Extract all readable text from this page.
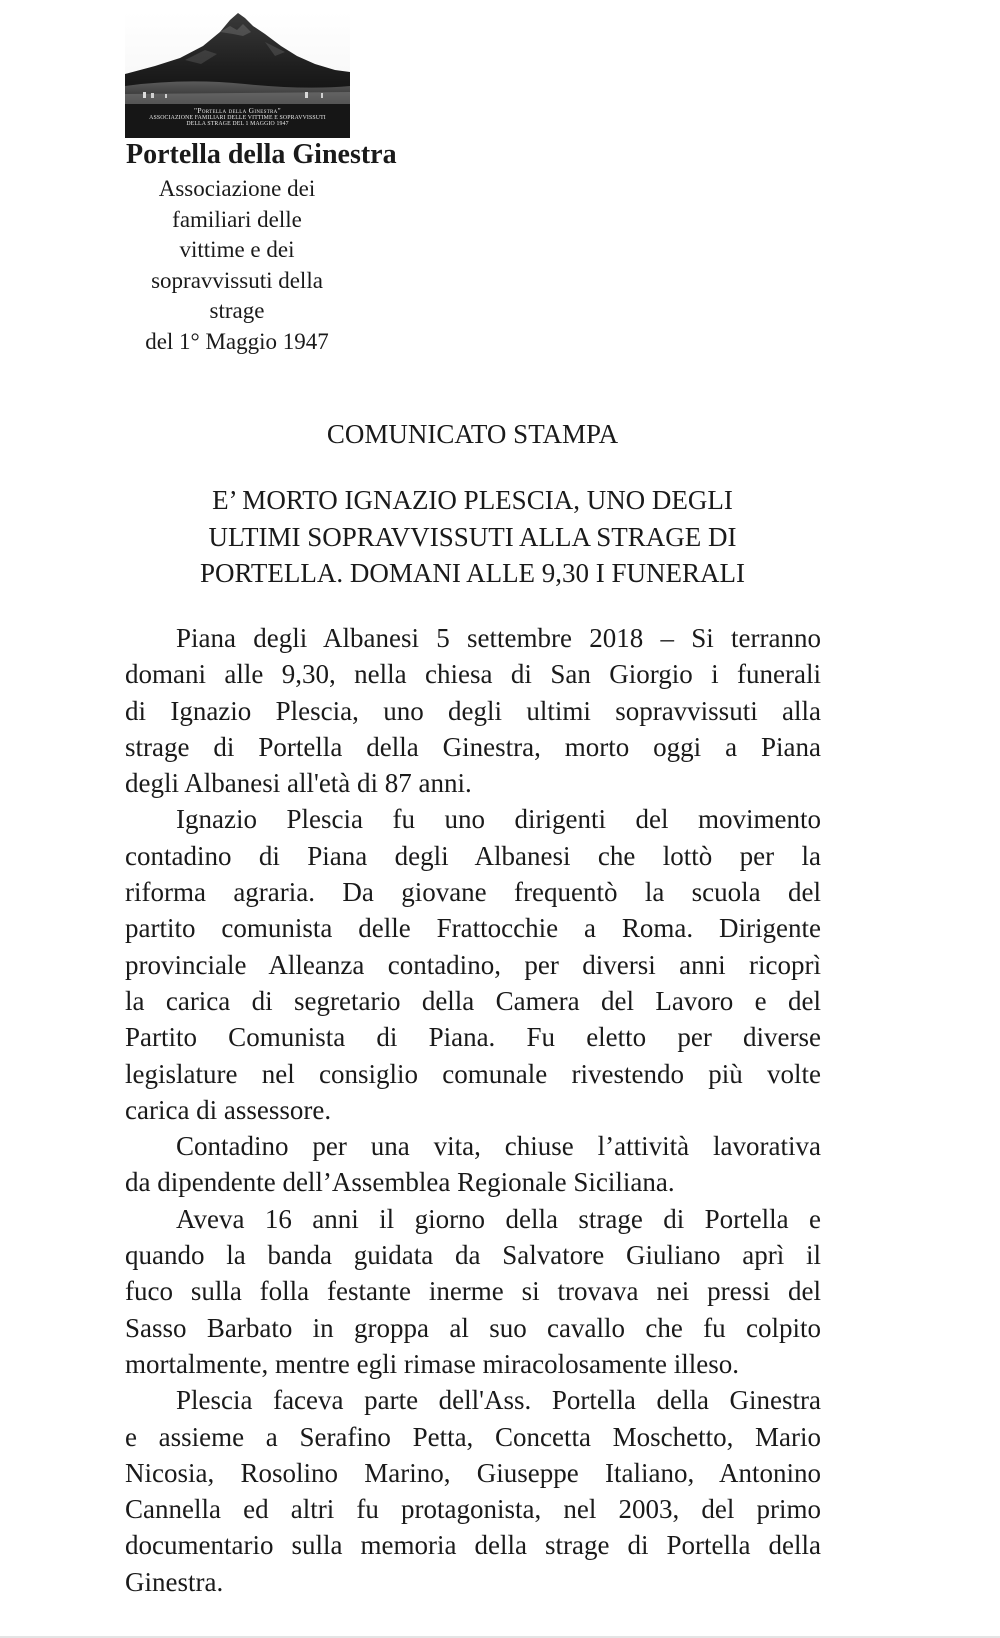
"Portella della Ginestra"
ASSOCIAZIONE FAMILIARI DELLE VITTIME E SOPRAVVISSUTI
DELLA STRAGE DEL 1 MAGGIO 1947
Portella della Ginestra
Associazione dei
familiari delle
vittime e dei
sopravvissuti della
strage
del 1° Maggio 1947
COMUNICATO STAMPA
E’ MORTO IGNAZIO PLESCIA, UNO DEGLI
ULTIMI SOPRAVVISSUTI ALLA STRAGE DI
PORTELLA. DOMANI ALLE 9,30 I FUNERALI
Piana degli Albanesi 5 settembre 2018 – Si terranno
domani alle 9,30, nella chiesa di San Giorgio i funerali
di Ignazio Plescia, uno degli ultimi sopravvissuti alla
strage di Portella della Ginestra, morto oggi a Piana
degli Albanesi all'età di 87 anni.
Ignazio Plescia fu uno dirigenti del movimento
contadino di Piana degli Albanesi che lottò per la
riforma agraria. Da giovane frequentò la scuola del
partito comunista delle Frattocchie a Roma. Dirigente
provinciale Alleanza contadino, per diversi anni ricoprì
la carica di segretario della Camera del Lavoro e del
Partito Comunista di Piana. Fu eletto per diverse
legislature nel consiglio comunale rivestendo più volte
carica di assessore.
Contadino per una vita, chiuse l’attività lavorativa
da dipendente dell’Assemblea Regionale Siciliana.
Aveva 16 anni il giorno della strage di Portella e
quando la banda guidata da Salvatore Giuliano aprì il
fuco sulla folla festante inerme si trovava nei pressi del
Sasso Barbato in groppa al suo cavallo che fu colpito
mortalmente, mentre egli rimase miracolosamente illeso.
Plescia faceva parte dell'Ass. Portella della Ginestra
e assieme a Serafino Petta, Concetta Moschetto, Mario
Nicosia, Rosolino Marino, Giuseppe Italiano, Antonino
Cannella ed altri fu protagonista, nel 2003, del primo
documentario sulla memoria della strage di Portella della
Ginestra.
